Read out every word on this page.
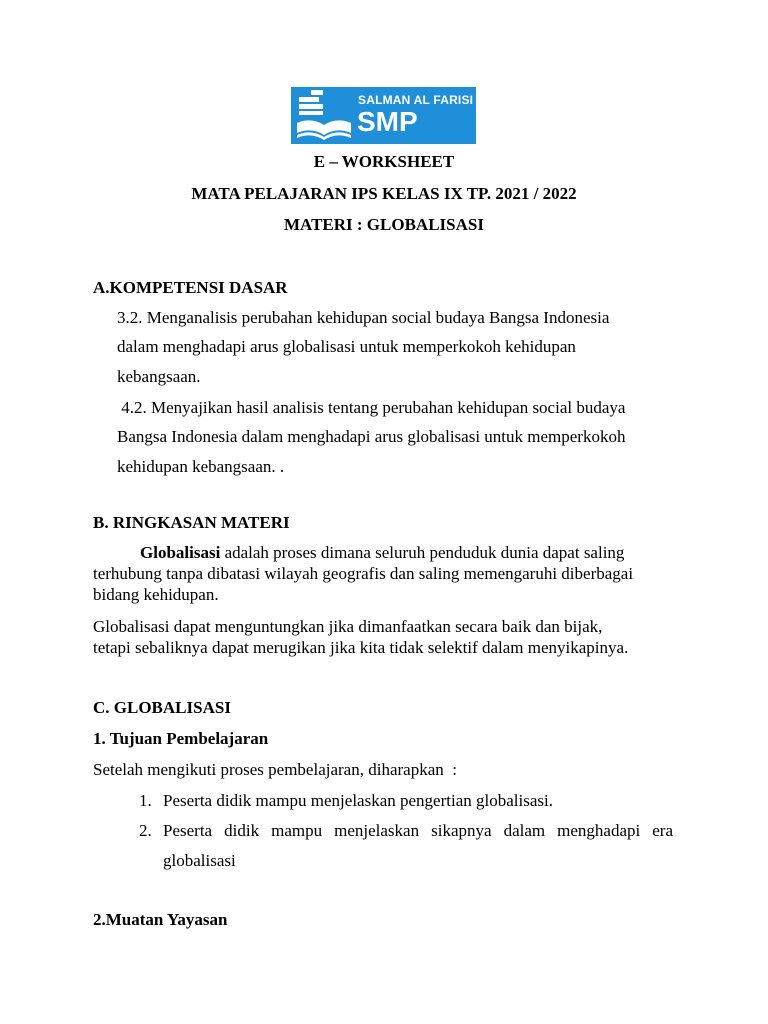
SALMAN AL FARISI
SMP
E – WORKSHEET
MATA PELAJARAN IPS KELAS IX TP. 2021 / 2022
MATERI : GLOBALISASI
A.KOMPETENSI DASAR
3.2. Menganalisis perubahan kehidupan social budaya Bangsa Indonesia
dalam menghadapi arus globalisasi untuk memperkokoh kehidupan
kebangsaan.
4.2. Menyajikan hasil analisis tentang perubahan kehidupan social budaya
Bangsa Indonesia dalam menghadapi arus globalisasi untuk memperkokoh
kehidupan kebangsaan. .
B. RINGKASAN MATERI
Globalisasi adalah proses dimana seluruh penduduk dunia dapat saling
terhubung tanpa dibatasi wilayah geografis dan saling memengaruhi diberbagai
bidang kehidupan.
Globalisasi dapat menguntungkan jika dimanfaatkan secara baik dan bijak,
tetapi sebaliknya dapat merugikan jika kita tidak selektif dalam menyikapinya.
C. GLOBALISASI
1. Tujuan Pembelajaran
Setelah mengikuti proses pembelajaran, diharapkan  :
1. Peserta didik mampu menjelaskan pengertian globalisasi.
2. Peserta didik mampu menjelaskan sikapnya dalam menghadapi era
globalisasi
2.Muatan Yayasan
